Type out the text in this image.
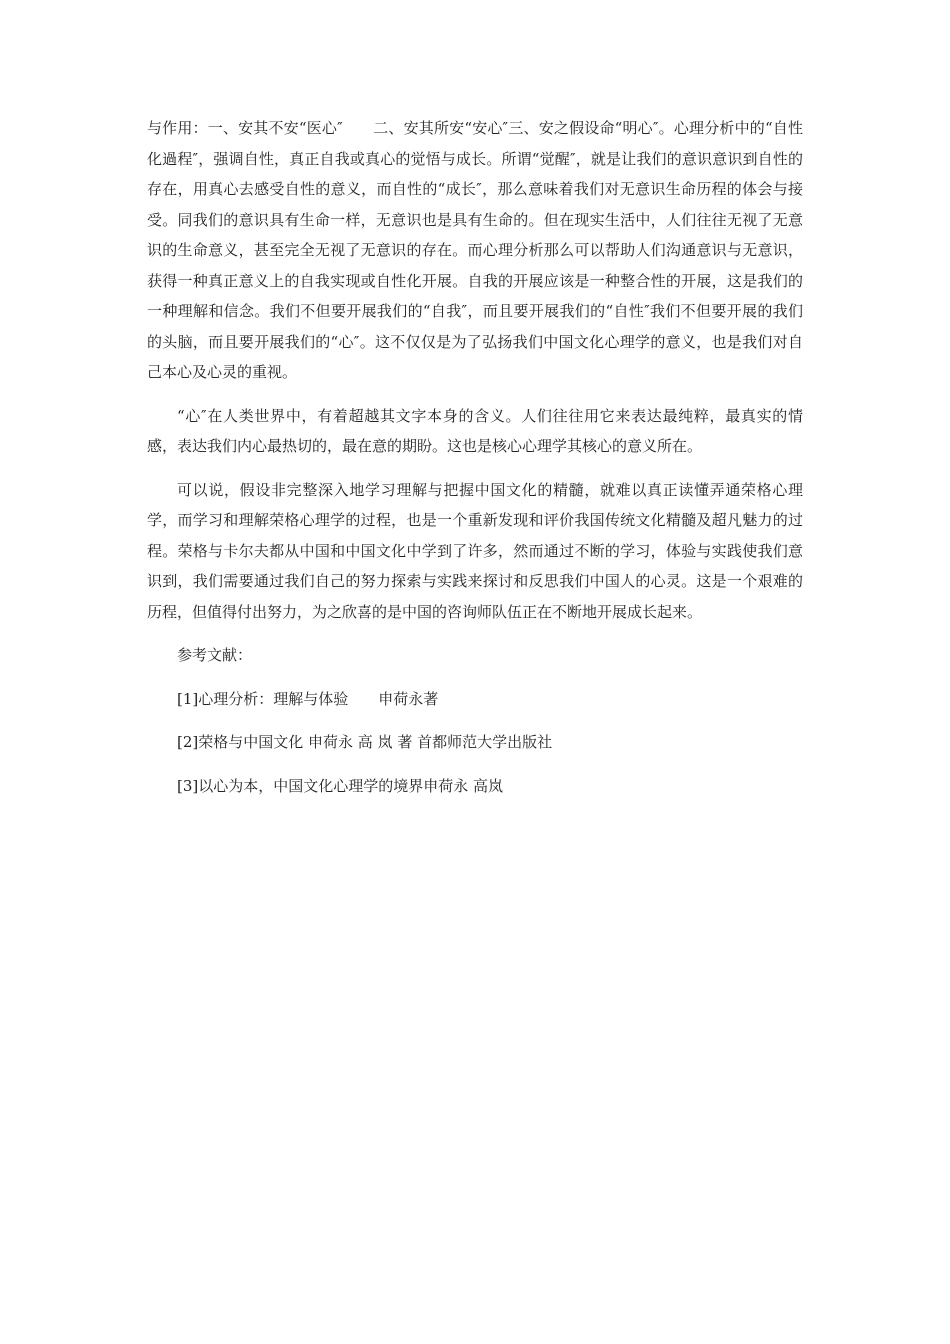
与作用：一、安其不安“医心″　　二、安其所安“安心″三、安之假设命“明心″。心理分析中的“自性化過程″，强调自性，真正自我或真心的觉悟与成长。所谓“觉醒″，就是让我们的意识意识到自性的存在，用真心去感受自性的意义，而自性的“成长″，那么意味着我们对无意识生命历程的体会与接受。同我们的意识具有生命一样，无意识也是具有生命的。但在现实生活中，人们往往无视了无意识的生命意义，甚至完全无视了无意识的存在。而心理分析那么可以帮助人们沟通意识与无意识，获得一种真正意义上的自我实现或自性化开展。自我的开展应该是一种整合性的开展，这是我们的一种理解和信念。我们不但要开展我们的“自我″，而且要开展我们的“自性″我们不但要开展的我们的头脑，而且要开展我们的“心″。这不仅仅是为了弘扬我们中国文化心理学的意义，也是我们对自己本心及心灵的重视。

“心″在人类世界中，有着超越其文字本身的含义。人们往往用它来表达最纯粹，最真实的情感，表达我们内心最热切的，最在意的期盼。这也是核心心理学其核心的意义所在。

可以说，假设非完整深入地学习理解与把握中国文化的精髓，就难以真正读懂弄通荣格心理学，而学习和理解荣格心理学的过程，也是一个重新发现和评价我国传统文化精髓及超凡魅力的过程。荣格与卡尔夫都从中国和中国文化中学到了许多，然而通过不断的学习，体验与实践使我们意识到，我们需要通过我们自己的努力探索与实践来探讨和反思我们中国人的心灵。这是一个艰难的历程，但值得付出努力，为之欣喜的是中国的咨询师队伍正在不断地开展成长起来。

参考文献：

[1]心理分析：理解与体验　　申荷永著

[2]荣格与中国文化 申荷永 高 岚 著 首都师范大学出版社

[3]以心为本，中国文化心理学的境界申荷永 高岚
